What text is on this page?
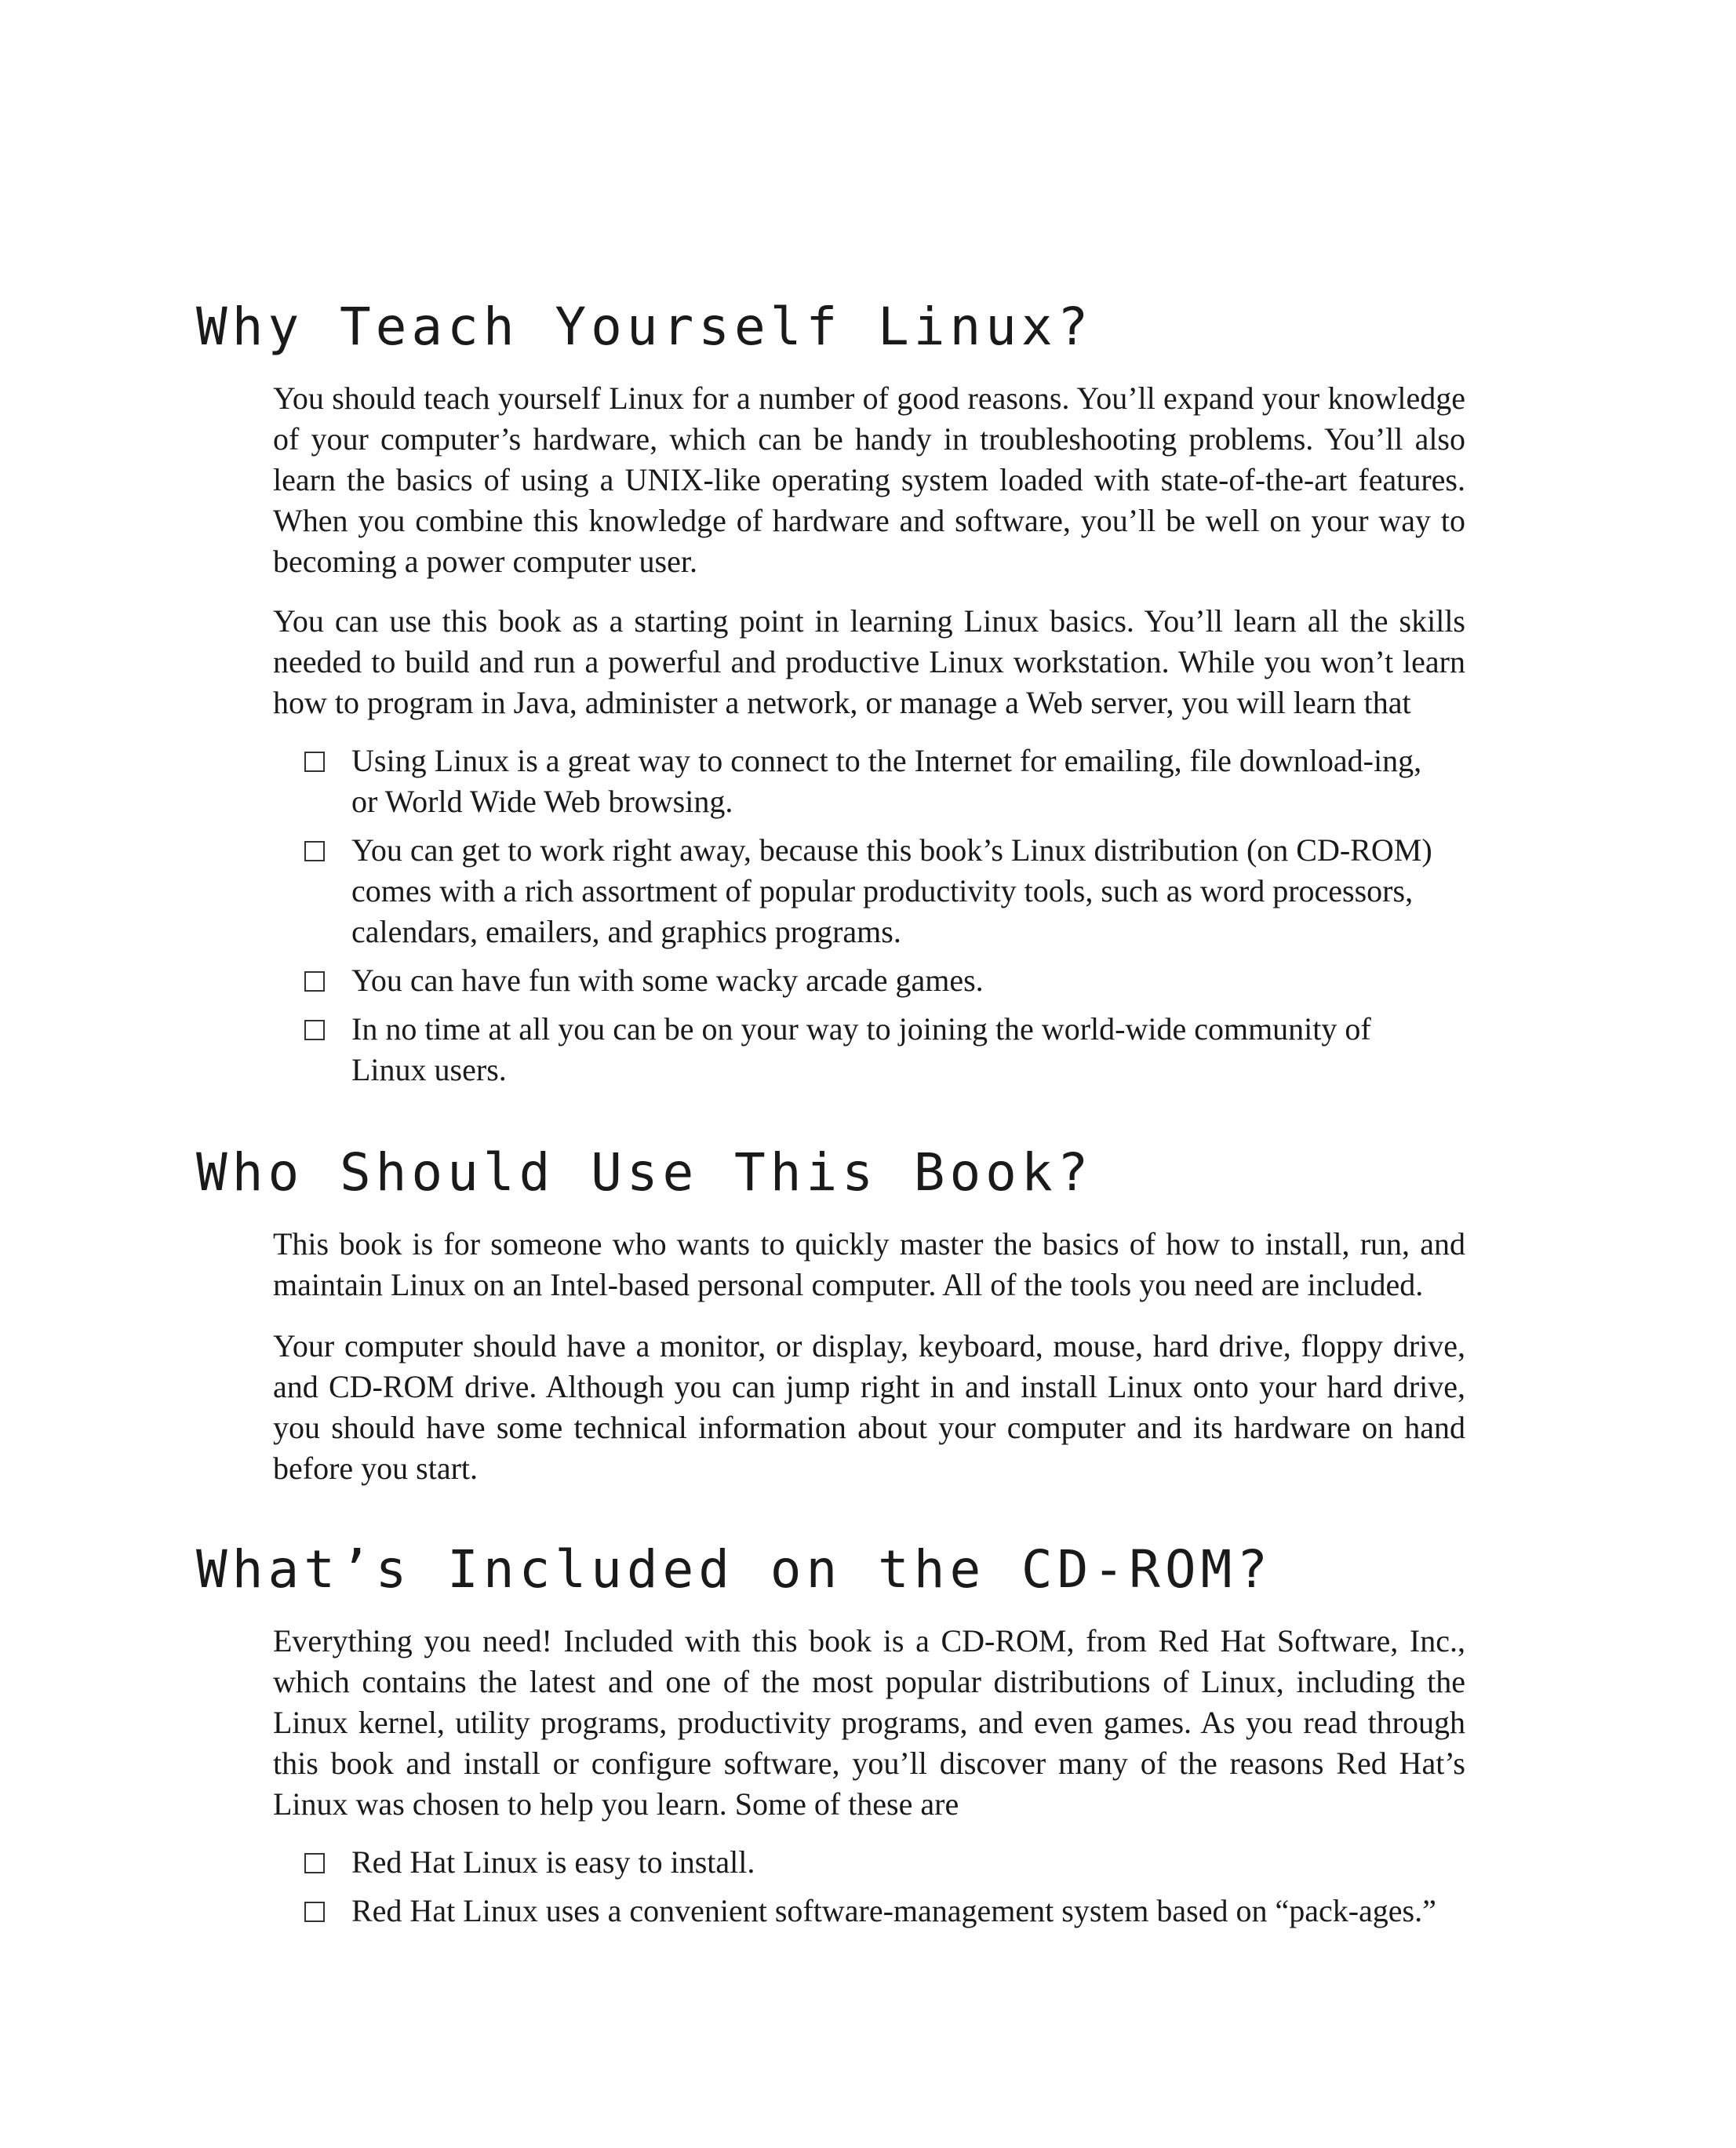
Why Teach Yourself Linux?

You should teach yourself Linux for a number of good reasons. You’ll expand your knowledge of your computer’s hardware, which can be handy in troubleshooting problems. You’ll also learn the basics of using a UNIX-like operating system loaded with state-of-the-art features. When you combine this knowledge of hardware and software, you’ll be well on your way to becoming a power computer user.

You can use this book as a starting point in learning Linux basics. You’ll learn all the skills needed to build and run a powerful and productive Linux workstation. While you won’t learn how to program in Java, administer a network, or manage a Web server, you will learn that

Using Linux is a great way to connect to the Internet for emailing, file download-ing, or World Wide Web browsing.
You can get to work right away, because this book’s Linux distribution (on CD-ROM) comes with a rich assortment of popular productivity tools, such as word processors, calendars, emailers, and graphics programs.
You can have fun with some wacky arcade games.
In no time at all you can be on your way to joining the world-wide community of Linux users.
Who Should Use This Book?

This book is for someone who wants to quickly master the basics of how to install, run, and maintain Linux on an Intel-based personal computer. All of the tools you need are included.

Your computer should have a monitor, or display, keyboard, mouse, hard drive, floppy drive, and CD-ROM drive. Although you can jump right in and install Linux onto your hard drive, you should have some technical information about your computer and its hardware on hand before you start.

What’s Included on the CD-ROM?

Everything you need! Included with this book is a CD-ROM, from Red Hat Software, Inc., which contains the latest and one of the most popular distributions of Linux, including the Linux kernel, utility programs, productivity programs, and even games. As you read through this book and install or configure software, you’ll discover many of the reasons Red Hat’s Linux was chosen to help you learn. Some of these are

Red Hat Linux is easy to install.
Red Hat Linux uses a convenient software-management system based on “pack-ages.”
